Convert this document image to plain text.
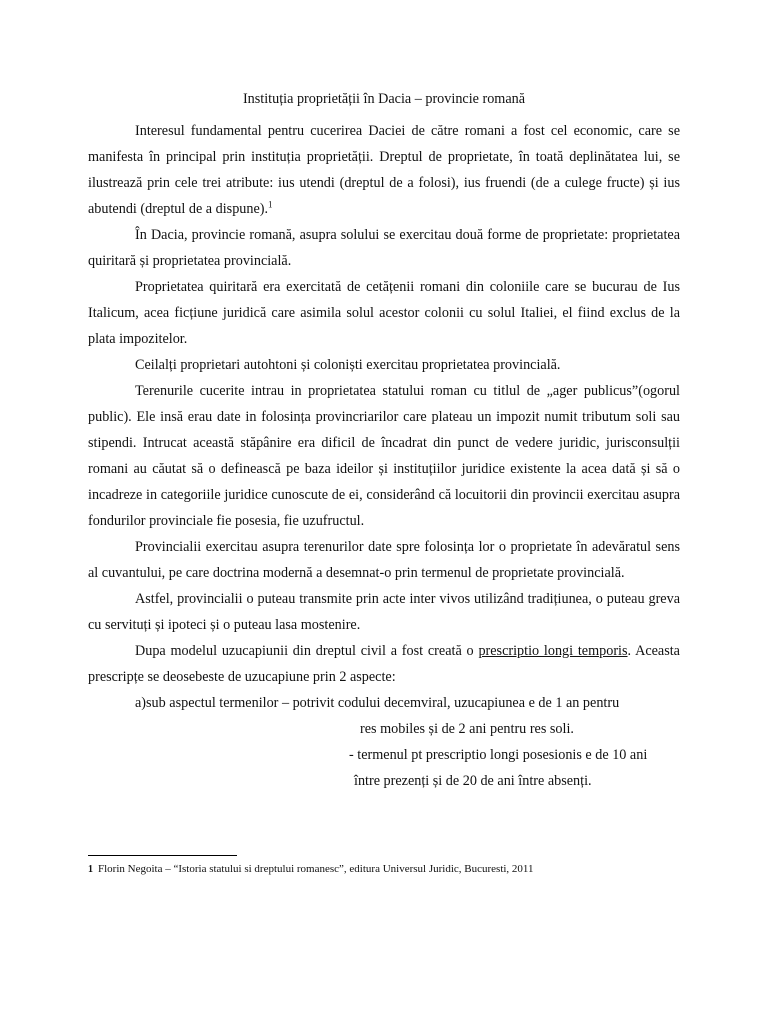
Instituția proprietății în Dacia – provincie romană

Interesul fundamental pentru cucerirea Daciei de către romani a fost cel economic, care se manifesta în principal prin instituția proprietății. Dreptul de proprietate, în toată deplinătatea lui, se ilustrează prin cele trei atribute: ius utendi (dreptul de a folosi), ius fruendi (de a culege fructe) și ius abutendi (dreptul de a dispune).$^1$

În Dacia, provincie romană, asupra solului se exercitau două forme de proprietate: proprietatea quiritară și proprietatea provincială.

Proprietatea quiritară era exercitată de cetățenii romani din coloniile care se bucurau de Ius Italicum, acea ficțiune juridică care asimila solul acestor colonii cu solul Italiei, el fiind exclus de la plata impozitelor.

Ceilalți proprietari autohtoni și coloniști exercitau proprietatea provincială.

Terenurile cucerite intrau in proprietatea statului roman cu titlul de „ager publicus”(ogorul public). Ele insă erau date in folosința provincriarilor care plateau un impozit numit tributum soli sau stipendi. Intrucat această stăpânire era dificil de încadrat din punct de vedere juridic, jurisconsulții romani au căutat să o definească pe baza ideilor și instituțiilor juridice existente la acea dată și să o incadreze in categoriile juridice cunoscute de ei, considerând că locuitorii din provincii exercitau asupra fondurilor provinciale fie posesia, fie uzufructul.

Provincialii exercitau asupra terenurilor date spre folosința lor o proprietate în adevăratul sens al cuvantului, pe care doctrina modernă a desemnat-o prin termenul de proprietate provincială.

Astfel, provincialii o puteau transmite prin acte inter vivos utilizând tradițiunea, o puteau greva cu servituți și ipoteci și o puteau lasa mostenire.

Dupa modelul uzucapiunii din dreptul civil a fost creată o prescriptio longi temporis. Aceasta prescripțe se deosebeste de uzucapiune prin 2 aspecte:

a)sub aspectul termenilor – potrivit codului decemviral, uzucapiunea e de 1 an pentru

res mobiles și de 2 ani pentru res soli.

- termenul pt prescriptio longi posesionis e de 10 ani

între prezenți și de 20 de ani între absenți.

1 Florin Negoita – “Istoria statului si dreptului romanesc”, editura Universul Juridic, Bucuresti, 2011
